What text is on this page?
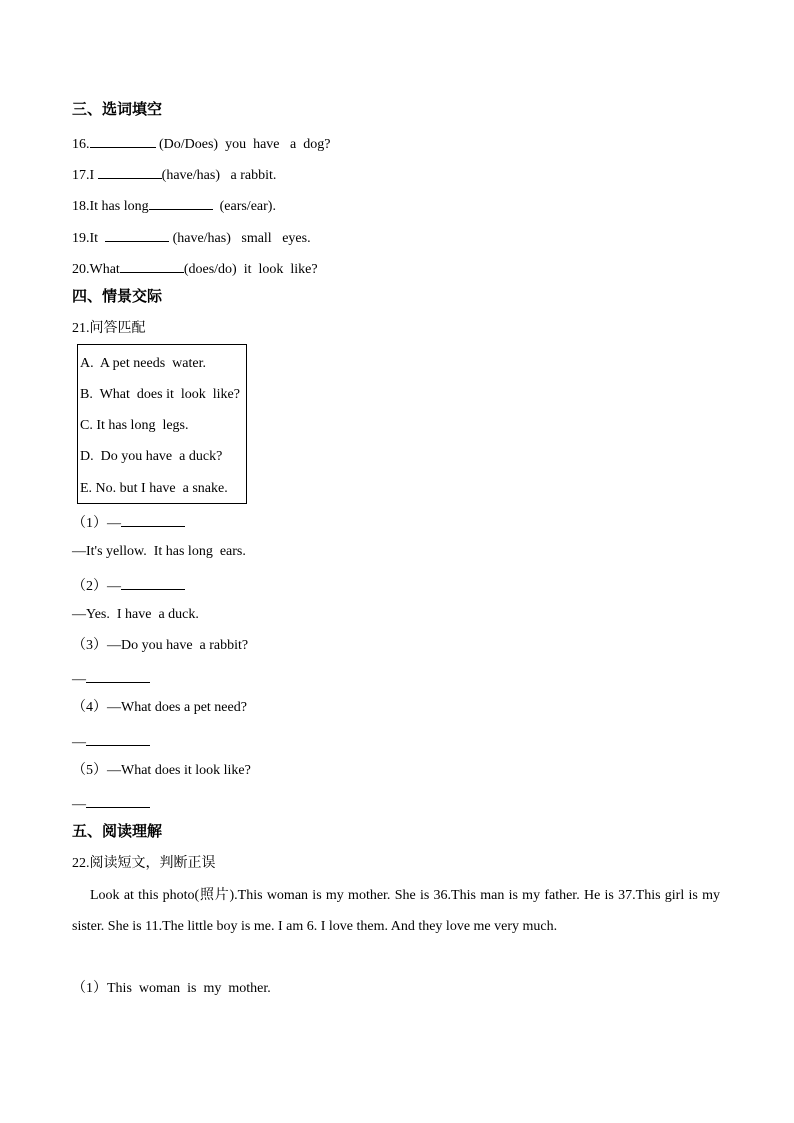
三、选词填空
16.	(Do/Does)  you  have   a  dog?
17.I	(have/has)   a rabbit.
18.It has long	(ears/ear).
19.It	(have/has)   small   eyes.
20.What	(does/do)  it  look  like?
四、情景交际
21.问答匹配
A.  A pet needs  water.
B.  What  does it  look  like?
C. It has long  legs.
D.  Do you have  a duck?
E. No. but I have  a snake.
（1）—
—It's yellow.  It has long  ears.
（2）—
—Yes.  I have  a duck.
（3）—Do you have  a rabbit?
—
（4）—What does a pet need?
—
（5）—What does it look like?
—
五、阅读理解
22.阅读短文，判断正误
Look at this photo(照片).This woman is my mother. She is 36.This man is my father. He is 37.This girl is my sister. She is 11.The little boy is me. I am 6. I love them. And they love me very much.
（1）This  woman  is  my  mother.
